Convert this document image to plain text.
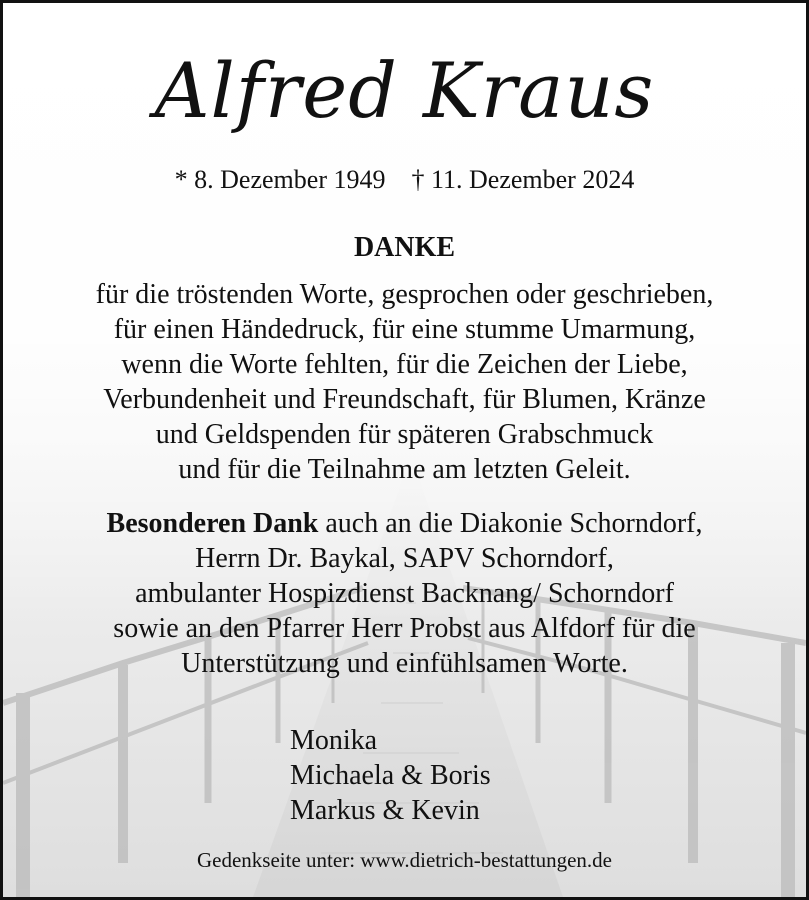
Alfred Kraus
* 8. Dezember 1949 † 11. Dezember 2024
DANKE
für die tröstenden Worte, gesprochen oder geschrieben,
für einen Händedruck, für eine stumme Umarmung,
wenn die Worte fehlten, für die Zeichen der Liebe,
Verbundenheit und Freundschaft, für Blumen, Kränze
und Geldspenden für späteren Grabschmuck
und für die Teilnahme am letzten Geleit.
Besonderen Dank auch an die Diakonie Schorndorf,
Herrn Dr. Baykal, SAPV Schorndorf,
ambulanter Hospizdienst Backnang/ Schorndorf
sowie an den Pfarrer Herr Probst aus Alfdorf für die
Unterstützung und einfühlsamen Worte.
Monika
Michaela & Boris
Markus & Kevin
Gedenkseite unter: www.dietrich-bestattungen.de
